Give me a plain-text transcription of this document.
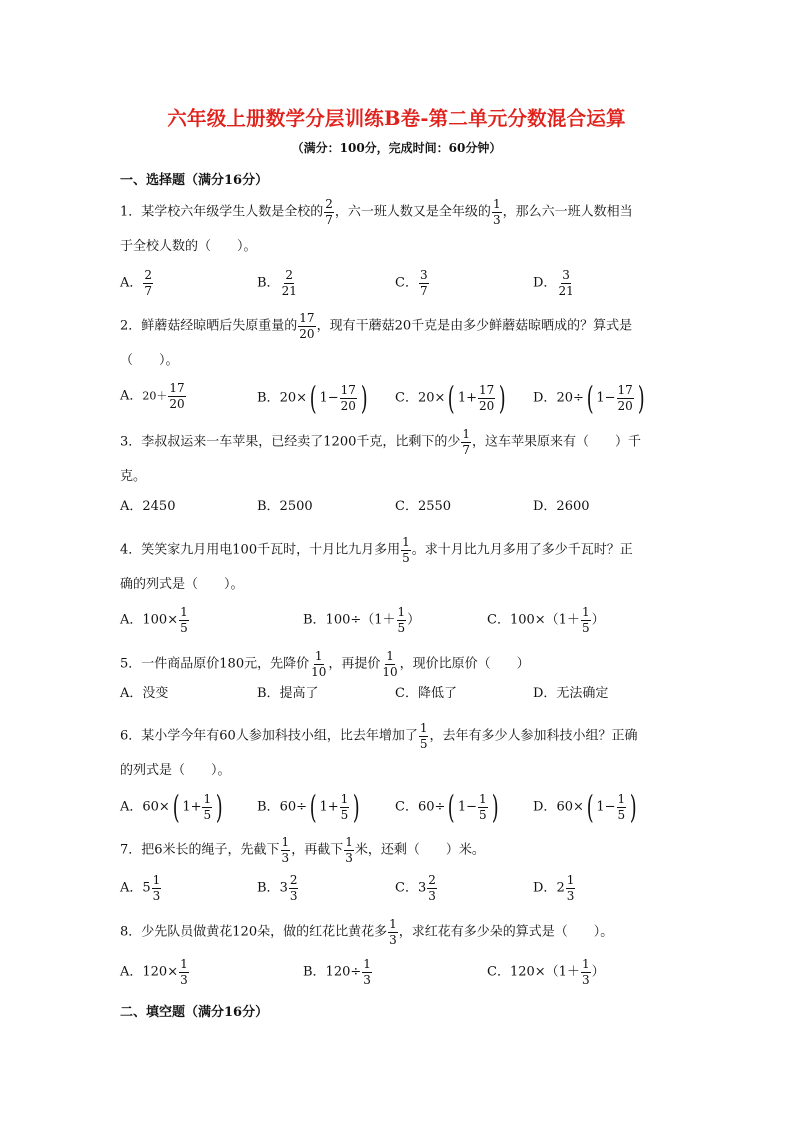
六年级上册数学分层训练B卷-第二单元分数混合运算
（满分：100分，完成时间：60分钟）
一、选择题（满分16分）
1．某学校六年级学生人数是全校的 $\frac{2}{7}$ ，六一班人数又是全年级的 $\frac{1}{3}$ ，那么六一班人数相当
于全校人数的（　　）。
A． $\frac{2}{7}$	B． $\frac{2}{21}$	C． $\frac{3}{7}$	D． $\frac{3}{21}$
2．鲜蘑菇经晾晒后失原重量的 $\frac{17}{20}$ ，现有干蘑菇20千克是由多少鲜蘑菇晾晒成的？算式是
（　　）。
A．$20+ \frac{17}{20}$	B．20×( $1- \frac{17}{20}$ ) C．20×( $1+ \frac{17}{20}$ ) D．20÷( $1- \frac{17}{20}$ )
3．李叔叔运来一车苹果，已经卖了1200千克，比剩下的少 $\frac{1}{7}$ ，这车苹果原来有（　　）千
克。
A．2450	B．2500	C．2550	D．2600
4．笑笑家九月用电100千瓦时，十月比九月多用 $\frac{1}{5}$ 。求十月比九月多用了多少千瓦时？正
确的列式是（　　）。
A．$100\times \frac{1}{5}$	B．$100\div(1+ \frac{1}{5}$ ）	C．$100\times(1+ \frac{1}{5}$ ）
5．一件商品原价180元，先降价 $\frac{1}{10}$ ，再提价 $\frac{1}{10}$ ，现价比原价（　　）
A．没变	B．提高了	C．降低了	D．无法确定
6．某小学今年有60人参加科技小组，比去年增加了 $\frac{1}{5}$ ，去年有多少人参加科技小组？正确
的列式是（　　）。
A．60×( $1+ \frac{1}{5}$ )	B．60÷( $1+ \frac{1}{5}$ )	C．60÷( $1- \frac{1}{5}$ )	D．60×( $1- \frac{1}{5}$ )
7．把6米长的绳子，先截下 $\frac{1}{3}$ ，再截下 $\frac{1}{3}$ 米，还剩（　　）米。
A．$5 \frac{1}{3}$	B．$3 \frac{2}{3}$	C．$3 \frac{2}{3}$	D．$2 \frac{1}{3}$
8．少先队员做黄花120朵，做的红花比黄花多 $\frac{1}{3}$ ，求红花有多少朵的算式是（　　）。
A．$120\times \frac{1}{3}$	B．$120\div \frac{1}{3}$	C．$120\times(1+ \frac{1}{3}$ ）
二、填空题（满分16分）
